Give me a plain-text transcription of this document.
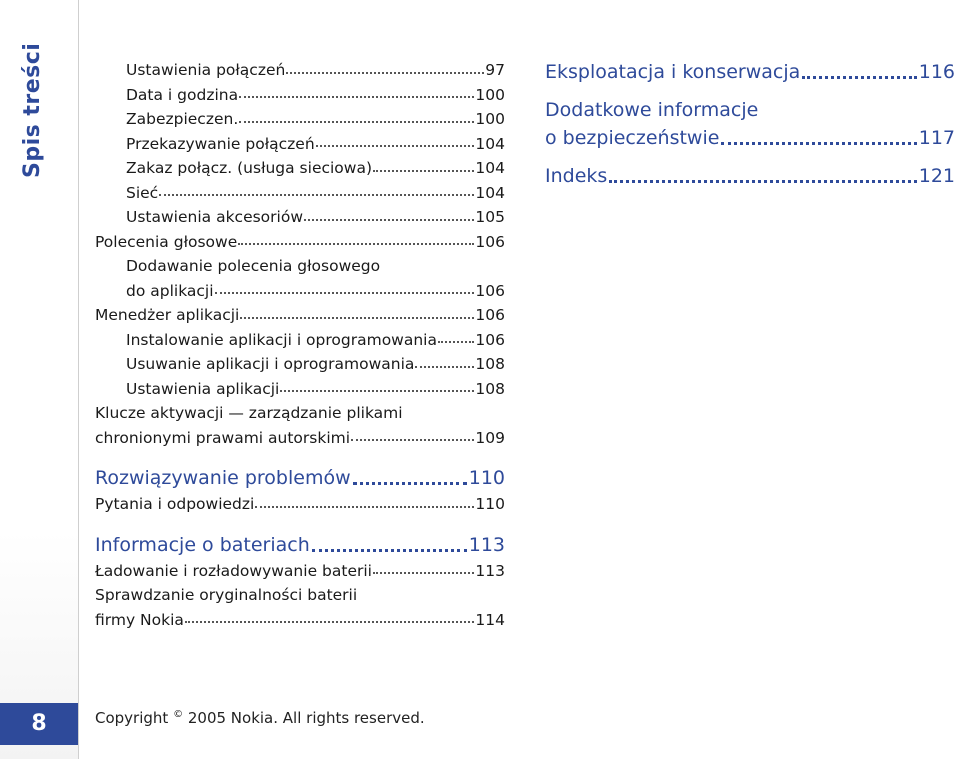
Spis treści
8	Copyright © 2005 Nokia. All rights reserved.
Ustawienia połączeń	97
Data i godzina	100
Zabezpieczen.	100
Przekazywanie połączeń	104
Zakaz połącz. (usługa sieciowa)	104
Sieć	104
Ustawienia akcesoriów	105
Polecenia głosowe	106
Dodawanie polecenia głosowego
do aplikacji	106
Menedżer aplikacji	106
Instalowanie aplikacji i oprogramowania 106
Usuwanie aplikacji i oprogramowania	108
Ustawienia aplikacji	108
Klucze aktywacji — zarządzanie plikami
chronionymi prawami autorskimi	109
Rozwiązywanie problemów	110
Pytania i odpowiedzi	110
Informacje o bateriach	113
Ładowanie i rozładowywanie baterii	113
Sprawdzanie oryginalności baterii
firmy Nokia	114
Eksploatacja i konserwacja	116
Dodatkowe informacje
o bezpieczeństwie	117
Indeks	121
